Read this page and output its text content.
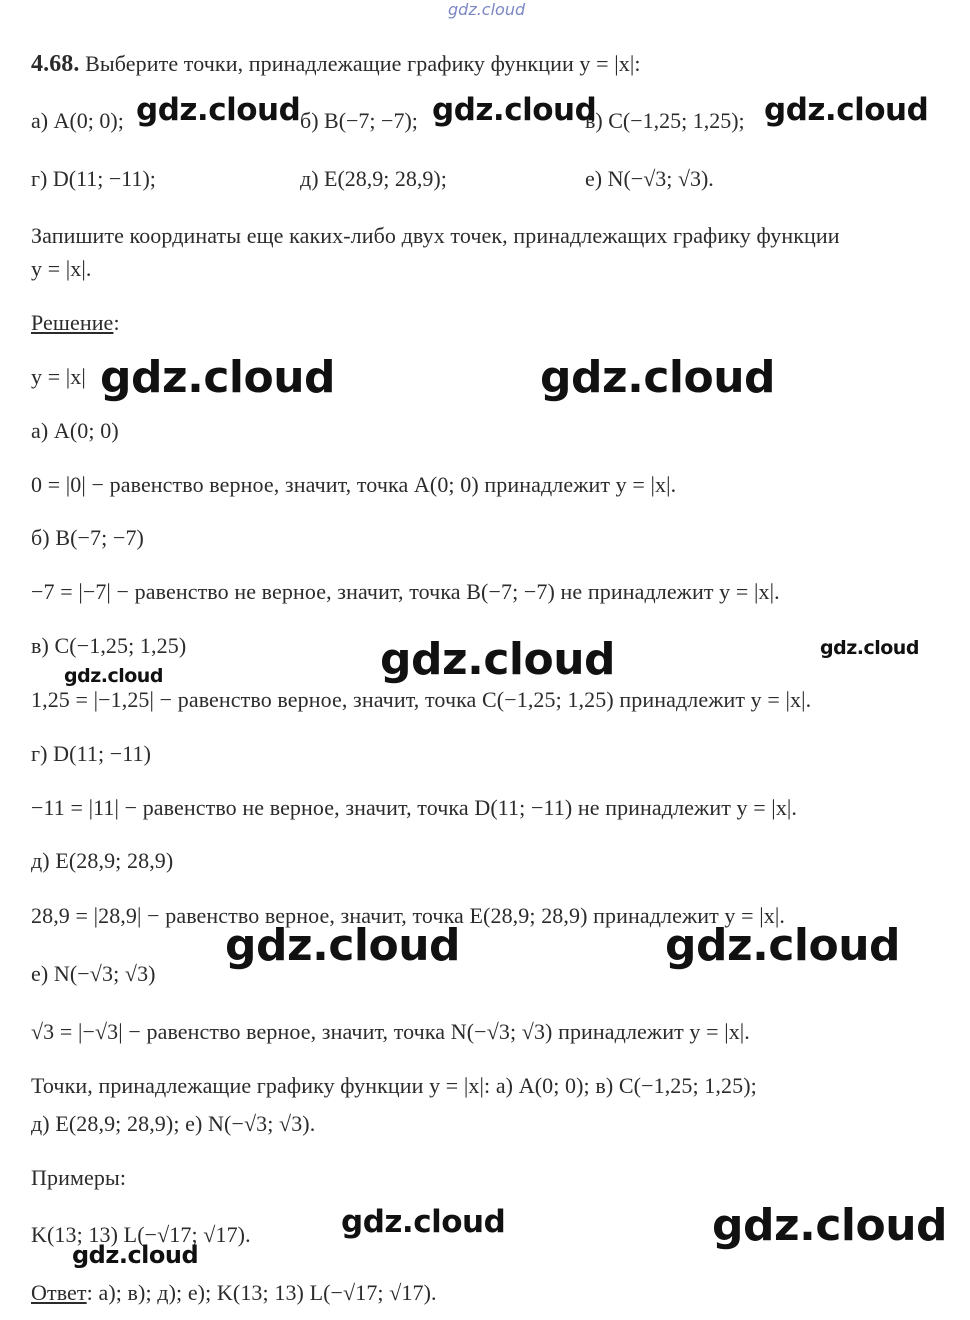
gdz.cloud
4.68. Выберите точки, принадлежащие графику функции y = |x|:
а) A(0; 0);	б) B(−7; −7);	в) C(−1,25; 1,25);
г) D(11; −11);	д) E(28,9; 28,9);	е) N(−√3; √3).
Запишите координаты еще каких-либо двух точек, принадлежащих графику функции
y = |x|.
Решение:
y = |x|
а) A(0; 0)
0 = |0| − равенство верное, значит, точка A(0; 0) принадлежит y = |x|.
б) B(−7; −7)
−7 = |−7| − равенство не верное, значит, точка B(−7; −7) не принадлежит y = |x|.
в) C(−1,25; 1,25)
1,25 = |−1,25| − равенство верное, значит, точка C(−1,25; 1,25) принадлежит y = |x|.
г) D(11; −11)
−11 = |11| − равенство не верное, значит, точка D(11; −11) не принадлежит y = |x|.
д) E(28,9; 28,9)
28,9 = |28,9| − равенство верное, значит, точка E(28,9; 28,9) принадлежит y = |x|.
е) N(−√3; √3)
√3 = |−√3| − равенство верное, значит, точка N(−√3; √3) принадлежит y = |x|.
Точки, принадлежащие графику функции y = |x|: а) A(0; 0); в) C(−1,25; 1,25);
д) E(28,9; 28,9); е) N(−√3; √3).
Примеры:
K(13; 13) L(−√17; √17).
Ответ: а); в); д); е); K(13; 13) L(−√17; √17).
gdz.cloud	gdz.cloud	gdz.cloud
gdz.cloud	gdz.cloud
gdz.cloud	gdz.cloud
gdz.cloud
gdz.cloud	gdz.cloud
gdz.cloud	gdz.cloud
gdz.cloud
